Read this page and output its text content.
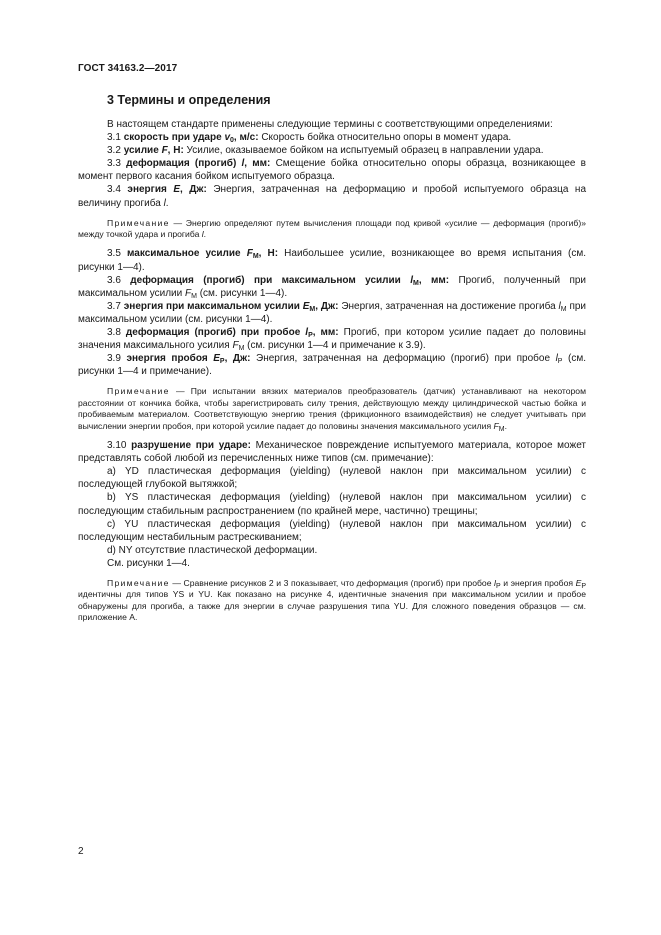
ГОСТ 34163.2—2017
3 Термины и определения

В настоящем стандарте применены следующие термины с соответствующими определениями:

3.1 скорость при ударе $v_0$, м/с: Скорость бойка относительно опоры в момент удара.

3.2 усилие F, Н: Усилие, оказываемое бойком на испытуемый образец в направлении удара.

3.3 деформация (прогиб) l, мм: Смещение бойка относительно опоры образца, возникающее в момент первого касания бойком испытуемого образца.

3.4 энергия E, Дж: Энергия, затраченная на деформацию и пробой испытуемого образца на величину прогиба l.

Примечание — Энергию определяют путем вычисления площади под кривой «усилие — деформация (прогиб)» между точкой удара и прогиба l.

3.5 максимальное усилие $F_M$, Н: Наибольшее усилие, возникающее во время испытания (см. рисунки 1—4).

3.6 деформация (прогиб) при максимальном усилии $l_M$, мм: Прогиб, полученный при максимальном усилии $F_M$ (см. рисунки 1—4).

3.7 энергия при максимальном усилии $E_M$, Дж: Энергия, затраченная на достижение прогиба $l_M$ при максимальном усилии (см. рисунки 1—4).

3.8 деформация (прогиб) при пробое $l_P$, мм: Прогиб, при котором усилие падает до половины значения максимального усилия $F_M$ (см. рисунки 1—4 и примечание к 3.9).

3.9 энергия пробоя $E_P$, Дж: Энергия, затраченная на деформацию (прогиб) при пробое $l_P$ (см. рисунки 1—4 и примечание).

Примечание — При испытании вязких материалов преобразователь (датчик) устанавливают на некотором расстоянии от кончика бойка, чтобы зарегистрировать силу трения, действующую между цилиндрической частью бойка и пробиваемым материалом. Соответствующую энергию трения (фрикционного взаимодействия) не следует учитывать при вычислении энергии пробоя, при которой усилие падает до половины значения максимального усилия $F_M$.

3.10 разрушение при ударе: Механическое повреждение испытуемого материала, которое может представлять собой любой из перечисленных ниже типов (см. примечание):

a) YD пластическая деформация (yielding) (нулевой наклон при максимальном усилии) с последующей глубокой вытяжкой;

b) YS пластическая деформация (yielding) (нулевой наклон при максимальном усилии) с последующим стабильным распространением (по крайней мере, частично) трещины;

c) YU пластическая деформация (yielding) (нулевой наклон при максимальном усилии) с последующим нестабильным растрескиванием;

d) NY отсутствие пластической деформации.

См. рисунки 1—4.

Примечание — Сравнение рисунков 2 и 3 показывает, что деформация (прогиб) при пробое $l_P$ и энергия пробоя $E_P$ идентичны для типов YS и YU. Как показано на рисунке 4, идентичные значения при максимальном усилии и пробое обнаружены для прогиба, а также для энергии в случае разрушения типа YU. Для сложного поведения образцов — см. приложение А.

2
